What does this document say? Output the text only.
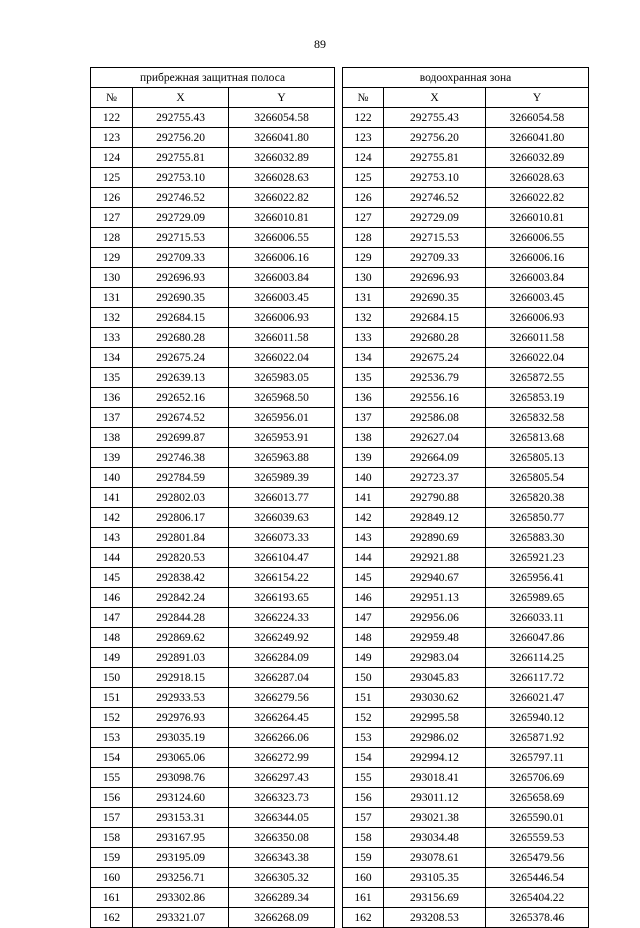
89
прибрежная защитная полоса		
№	X	Y
122	292755.43	3266054.58
123	292756.20	3266041.80
124	292755.81	3266032.89
125	292753.10	3266028.63
126	292746.52	3266022.82
127	292729.09	3266010.81
128	292715.53	3266006.55
129	292709.33	3266006.16
130	292696.93	3266003.84
131	292690.35	3266003.45
132	292684.15	3266006.93
133	292680.28	3266011.58
134	292675.24	3266022.04
135	292639.13	3265983.05
136	292652.16	3265968.50
137	292674.52	3265956.01
138	292699.87	3265953.91
139	292746.38	3265963.88
140	292784.59	3265989.39
141	292802.03	3266013.77
142	292806.17	3266039.63
143	292801.84	3266073.33
144	292820.53	3266104.47
145	292838.42	3266154.22
146	292842.24	3266193.65
147	292844.28	3266224.33
148	292869.62	3266249.92
149	292891.03	3266284.09
150	292918.15	3266287.04
151	292933.53	3266279.56
152	292976.93	3266264.45
153	293035.19	3266266.06
154	293065.06	3266272.99
155	293098.76	3266297.43
156	293124.60	3266323.73
157	293153.31	3266344.05
158	293167.95	3266350.08
159	293195.09	3266343.38
160	293256.71	3266305.32
161	293302.86	3266289.34
162	293321.07	3266268.09
водоохранная зона		
№	X	Y
122	292755.43	3266054.58
123	292756.20	3266041.80
124	292755.81	3266032.89
125	292753.10	3266028.63
126	292746.52	3266022.82
127	292729.09	3266010.81
128	292715.53	3266006.55
129	292709.33	3266006.16
130	292696.93	3266003.84
131	292690.35	3266003.45
132	292684.15	3266006.93
133	292680.28	3266011.58
134	292675.24	3266022.04
135	292536.79	3265872.55
136	292556.16	3265853.19
137	292586.08	3265832.58
138	292627.04	3265813.68
139	292664.09	3265805.13
140	292723.37	3265805.54
141	292790.88	3265820.38
142	292849.12	3265850.77
143	292890.69	3265883.30
144	292921.88	3265921.23
145	292940.67	3265956.41
146	292951.13	3265989.65
147	292956.06	3266033.11
148	292959.48	3266047.86
149	292983.04	3266114.25
150	293045.83	3266117.72
151	293030.62	3266021.47
152	292995.58	3265940.12
153	292986.02	3265871.92
154	292994.12	3265797.11
155	293018.41	3265706.69
156	293011.12	3265658.69
157	293021.38	3265590.01
158	293034.48	3265559.53
159	293078.61	3265479.56
160	293105.35	3265446.54
161	293156.69	3265404.22
162	293208.53	3265378.46
